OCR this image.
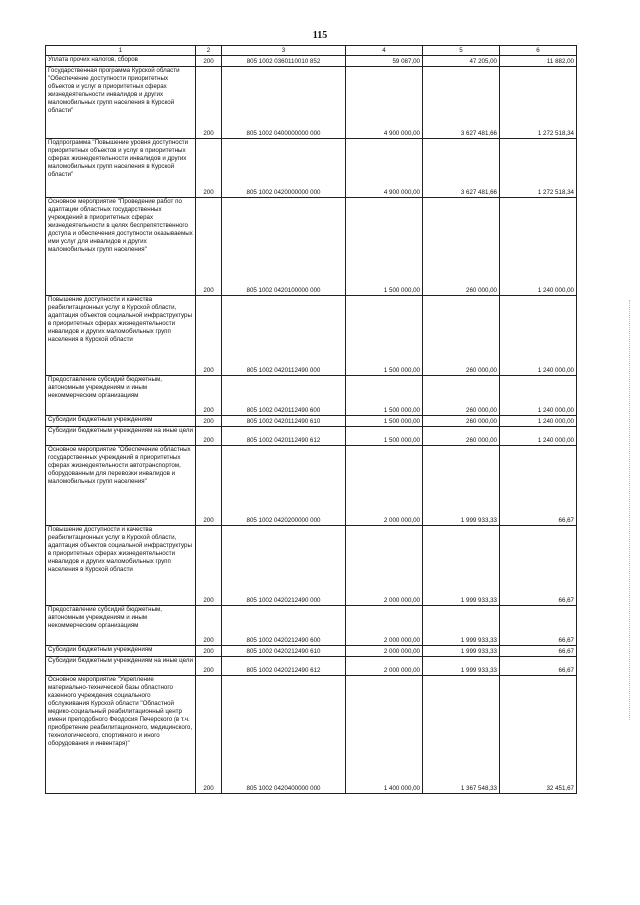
115
1	2	3	4	5	6
Уплата прочих налогов, сборов	200	805 1002 0360110010 852	59 087,00	47 205,00	11 882,00
Государственная программа Курской области "Обеспечение доступности приоритетных объектов и услуг в приоритетных сферах жизнедеятельности инвалидов и других маломобильных групп населения в Курской области"	200	805 1002 0400000000 000	4 900 000,00	3 627 481,66	1 272 518,34
Подпрограмма "Повышение уровня доступности приоритетных объектов и услуг в приоритетных сферах жизнедеятельности инвалидов и других маломобильных групп населения в Курской области"	200	805 1002 0420000000 000	4 900 000,00	3 627 481,66	1 272 518,34
Основное мероприятие "Проведение работ по адаптации областных государственных учреждений в приоритетных сферах жизнедеятельности в целях беспрепятственного доступа и обеспечения доступности оказываемых ими услуг для инвалидов и других маломобильных групп населения"	200	805 1002 0420100000 000	1 500 000,00	260 000,00	1 240 000,00
Повышение доступности и качества реабилитационных услуг в Курской области, адаптация объектов социальной инфраструктуры в приоритетных сферах жизнедеятельности инвалидов и других маломобильных групп населения в Курской области	200	805 1002 0420112490 000	1 500 000,00	260 000,00	1 240 000,00
Предоставление субсидий бюджетным, автономным учреждениям и иным некоммерческим организациям	200	805 1002 0420112490 600	1 500 000,00	260 000,00	1 240 000,00
Субсидии бюджетным учреждениям	200	805 1002 0420112490 610	1 500 000,00	260 000,00	1 240 000,00
Субсидии бюджетным учреждениям на иные цели	200	805 1002 0420112490 612	1 500 000,00	260 000,00	1 240 000,00
Основное мероприятие "Обеспечение областных государственных учреждений в приоритетных сферах жизнедеятельности автотранспортом, оборудованным для перевозки инвалидов и маломобильных групп населения"	200	805 1002 0420200000 000	2 000 000,00	1 999 933,33	66,67
Повышение доступности и качества реабилитационных услуг в Курской области, адаптация объектов социальной инфраструктуры в приоритетных сферах жизнедеятельности инвалидов и других маломобильных групп населения в Курской области	200	805 1002 0420212490 000	2 000 000,00	1 999 933,33	66,67
Предоставление субсидий бюджетным, автономным учреждениям и иным некоммерческим организациям	200	805 1002 0420212490 600	2 000 000,00	1 999 933,33	66,67
Субсидии бюджетным учреждениям	200	805 1002 0420212490 610	2 000 000,00	1 999 933,33	66,67
Субсидии бюджетным учреждениям на иные цели	200	805 1002 0420212490 612	2 000 000,00	1 999 933,33	66,67
Основное мероприятие "Укрепление материально-технической базы областного казенного учреждения социального обслуживания Курской области "Областной медико-социальный реабилитационный центр имени преподобного Феодосия Печерского (в т.ч. приобретение реабилитационного, медицинского, технологического, спортивного и иного оборудования и инвентаря)"	200	805 1002 0420400000 000	1 400 000,00	1 367 548,33	32 451,67
